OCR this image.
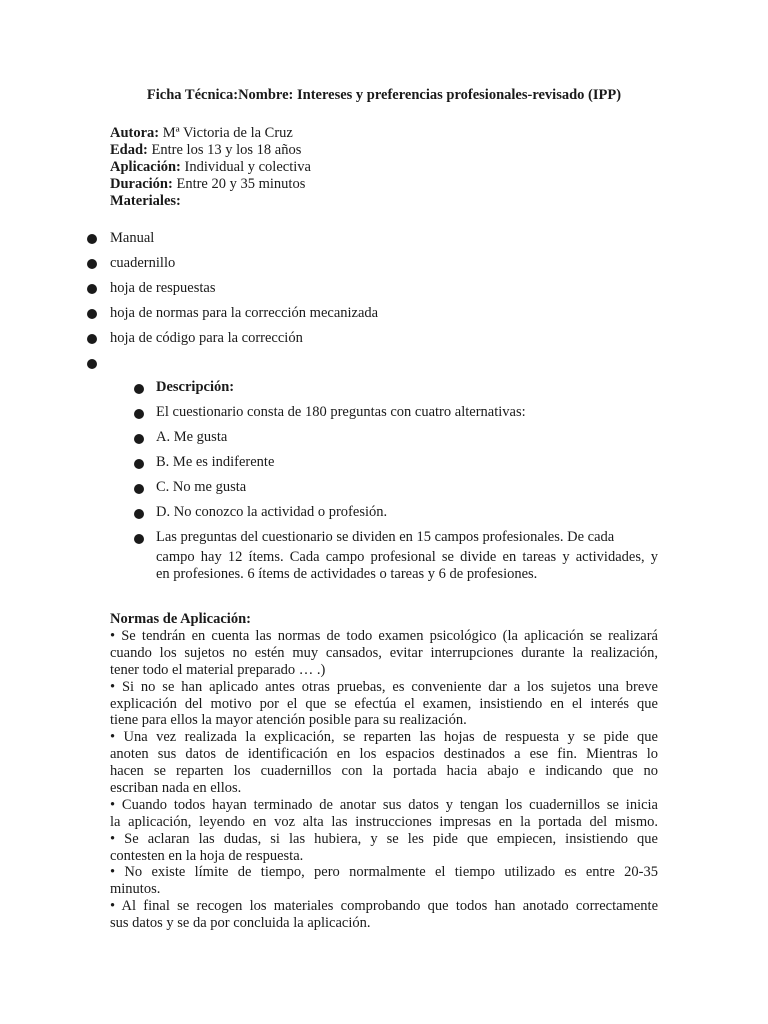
Ficha Técnica:Nombre: Intereses y preferencias profesionales-revisado (IPP)
Autora: Mª Victoria de la Cruz
Edad: Entre los 13 y los 18 años
Aplicación: Individual y colectiva
Duración: Entre 20 y 35 minutos
Materiales:
Manual
cuadernillo
hoja de respuestas
hoja de normas para la corrección mecanizada
hoja de código para la corrección
Descripción:
El cuestionario consta de 180 preguntas con cuatro alternativas:
A. Me gusta
B. Me es indiferente
C. No me gusta
D. No conozco la actividad o profesión.
Las preguntas del cuestionario se dividen en 15 campos profesionales. De cada
campo hay 12 ítems. Cada campo profesional se divide en tareas y actividades, y
en profesiones. 6 ítems de actividades o tareas y 6 de profesiones.
Normas de Aplicación:
• Se tendrán en cuenta las normas de todo examen psicológico (la aplicación se realizará
cuando los sujetos no estén muy cansados, evitar interrupciones durante la realización,
tener todo el material preparado … .)
• Si no se han aplicado antes otras pruebas, es conveniente dar a los sujetos una breve
explicación del motivo por el que se efectúa el examen, insistiendo en el interés que
tiene para ellos la mayor atención posible para su realización.
• Una vez realizada la explicación, se reparten las hojas de respuesta y se pide que
anoten sus datos de identificación en los espacios destinados a ese fin. Mientras lo
hacen se reparten los cuadernillos con la portada hacia abajo e indicando que no
escriban nada en ellos.
• Cuando todos hayan terminado de anotar sus datos y tengan los cuadernillos se inicia
la aplicación, leyendo en voz alta las instrucciones impresas en la portada del mismo.
• Se aclaran las dudas, si las hubiera, y se les pide que empiecen, insistiendo que
contesten en la hoja de respuesta.
• No existe límite de tiempo, pero normalmente el tiempo utilizado es entre 20-35
minutos.
• Al final se recogen los materiales comprobando que todos han anotado correctamente
sus datos y se da por concluida la aplicación.
